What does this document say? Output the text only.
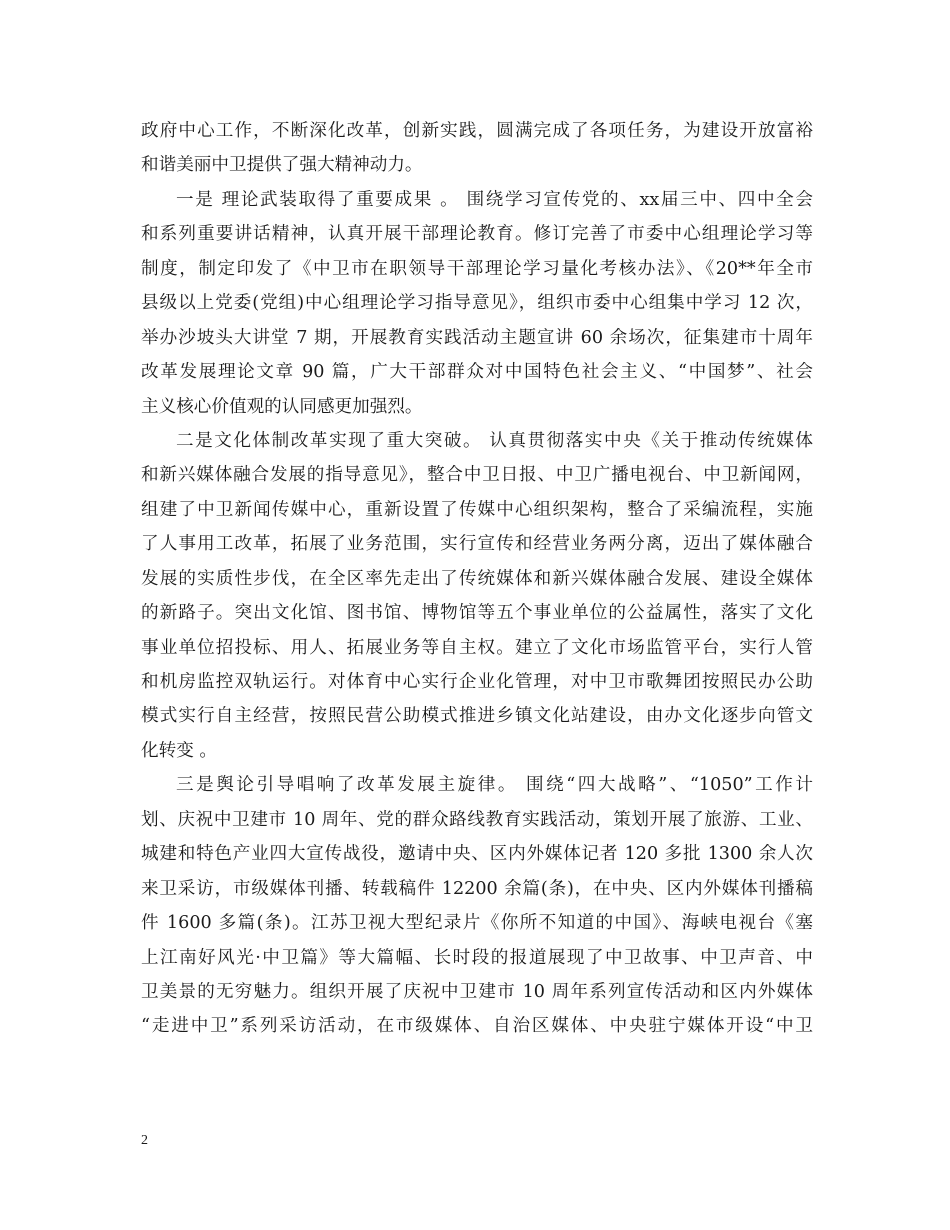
政府中心工作，不断深化改革，创新实践，圆满完成了各项任务，为建设开放富裕
和谐美丽中卫提供了强大精神动力。
一是 理论武装取得了重要成果 。 围绕学习宣传党的、xx届三中、四中全会
和系列重要讲话精神，认真开展干部理论教育。修订完善了市委中心组理论学习等
制度，制定印发了《中卫市在职领导干部理论学习量化考核办法》、《20**年全市
县级以上党委(党组)中心组理论学习指导意见》，组织市委中心组集中学习 12 次，
举办沙坡头大讲堂 7 期，开展教育实践活动主题宣讲 60 余场次，征集建市十周年
改革发展理论文章 90 篇，广大干部群众对中国特色社会主义、“中国梦”、社会
主义核心价值观的认同感更加强烈。
二是文化体制改革实现了重大突破。 认真贯彻落实中央《关于推动传统媒体
和新兴媒体融合发展的指导意见》，整合中卫日报、中卫广播电视台、中卫新闻网，
组建了中卫新闻传媒中心，重新设置了传媒中心组织架构，整合了采编流程，实施
了人事用工改革，拓展了业务范围，实行宣传和经营业务两分离，迈出了媒体融合
发展的实质性步伐，在全区率先走出了传统媒体和新兴媒体融合发展、建设全媒体
的新路子。突出文化馆、图书馆、博物馆等五个事业单位的公益属性，落实了文化
事业单位招投标、用人、拓展业务等自主权。建立了文化市场监管平台，实行人管
和机房监控双轨运行。对体育中心实行企业化管理，对中卫市歌舞团按照民办公助
模式实行自主经营，按照民营公助模式推进乡镇文化站建设，由办文化逐步向管文
化转变 。
三是舆论引导唱响了改革发展主旋律。 围绕“四大战略”、“1050”工作计
划、庆祝中卫建市 10 周年、党的群众路线教育实践活动，策划开展了旅游、工业、
城建和特色产业四大宣传战役，邀请中央、区内外媒体记者 120 多批 1300 余人次
来卫采访，市级媒体刊播、转载稿件 12200 余篇(条)，在中央、区内外媒体刊播稿
件 1600 多篇(条)。江苏卫视大型纪录片《你所不知道的中国》、海峡电视台《塞
上江南好风光·中卫篇》等大篇幅、长时段的报道展现了中卫故事、中卫声音、中
卫美景的无穷魅力。组织开展了庆祝中卫建市 10 周年系列宣传活动和区内外媒体
“走进中卫”系列采访活动，在市级媒体、自治区媒体、中央驻宁媒体开设“中卫
2
